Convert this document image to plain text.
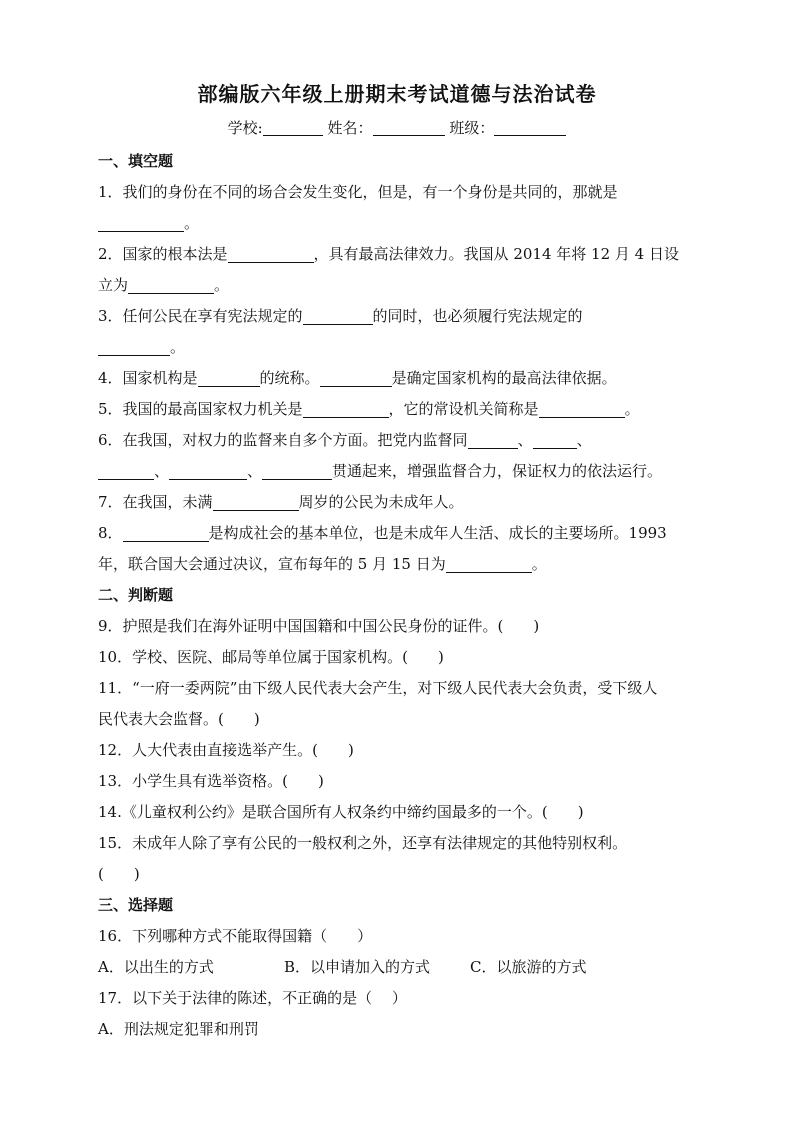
部编版六年级上册期末考试道德与法治试卷
学校:	姓名：	班级：
一、填空题
1．我们的身份在不同的场合会发生变化，但是，有一个身份是共同的，那就是
。
2．国家的根本法是	，具有最高法律效力。我国从 2014 年将 12 月 4 日设
立为	。
3．任何公民在享有宪法规定的	的同时，也必须履行宪法规定的
。
4．国家机构是	的统称。	是确定国家机构的最高法律依据。
5．我国的最高国家权力机关是	，它的常设机关简称是	。
6．在我国，对权力的监督来自多个方面。把党内监督同	、	、
、	、	贯通起来，增强监督合力，保证权力的依法运行。
7．在我国，未满	周岁的公民为未成年人。
8．	是构成社会的基本单位，也是未成年人生活、成长的主要场所。1993
年，联合国大会通过决议，宣布每年的 5 月 15 日为	。
二、判断题
9．护照是我们在海外证明中国国籍和中国公民身份的证件。(　　)
10．学校、医院、邮局等单位属于国家机构。(　　)
11．“一府一委两院”由下级人民代表大会产生，对下级人民代表大会负责，受下级人
民代表大会监督。(　　)
12．人大代表由直接选举产生。(　　)
13．小学生具有选举资格。(　　)
14.《儿童权利公约》是联合国所有人权条约中缔约国最多的一个。(　　)
15．未成年人除了享有公民的一般权利之外，还享有法律规定的其他特别权利。
(　　)
三、选择题
16．下列哪种方式不能取得国籍（　　）
A．以出生的方式	B．以申请加入的方式	C．以旅游的方式
17．以下关于法律的陈述，不正确的是（　 ）
A．刑法规定犯罪和刑罚
